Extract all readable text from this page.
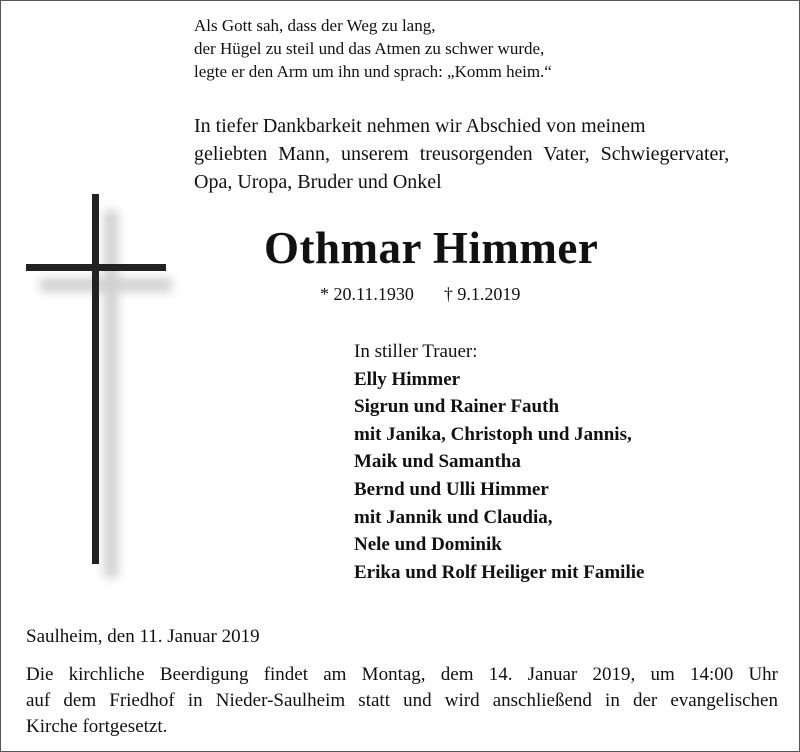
Als Gott sah, dass der Weg zu lang,
der Hügel zu steil und das Atmen zu schwer wurde,
legte er den Arm um ihn und sprach: „Komm heim.“
In tiefer Dankbarkeit nehmen wir Abschied von meinem
geliebten Mann, unserem treusorgenden Vater, Schwiegervater,
Opa, Uropa, Bruder und Onkel
Othmar Himmer
* 20.11.1930 † 9.1.2019
In stiller Trauer:
Elly Himmer
Sigrun und Rainer Fauth
mit Janika, Christoph und Jannis,
Maik und Samantha
Bernd und Ulli Himmer
mit Jannik und Claudia,
Nele und Dominik
Erika und Rolf Heiliger mit Familie
Saulheim, den 11. Januar 2019
Die kirchliche Beerdigung findet am Montag, dem 14. Januar 2019, um 14:00 Uhr
auf dem Friedhof in Nieder-Saulheim statt und wird anschließend in der evangelischen
Kirche fortgesetzt.
